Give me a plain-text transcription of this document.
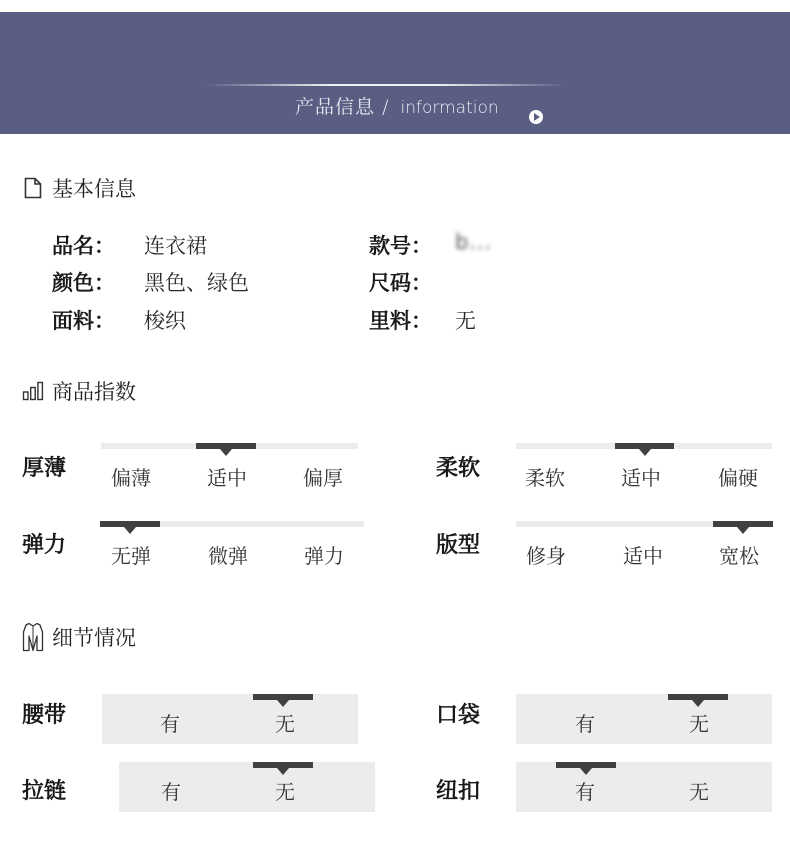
产品信息 / information
基本信息
品名：	连衣裙	款号：	b...
颜色：	黑色、绿色	尺码：
面料：	梭织	里料：	无
商品指数
厚薄 偏薄	适中	偏厚	柔软 柔软	适中	偏硬
弹力 无弹	微弹	弹力	版型 修身	适中	宽松
细节情况
腰带	有	无	口袋	有	无
拉链	有	无	纽扣	有	无
